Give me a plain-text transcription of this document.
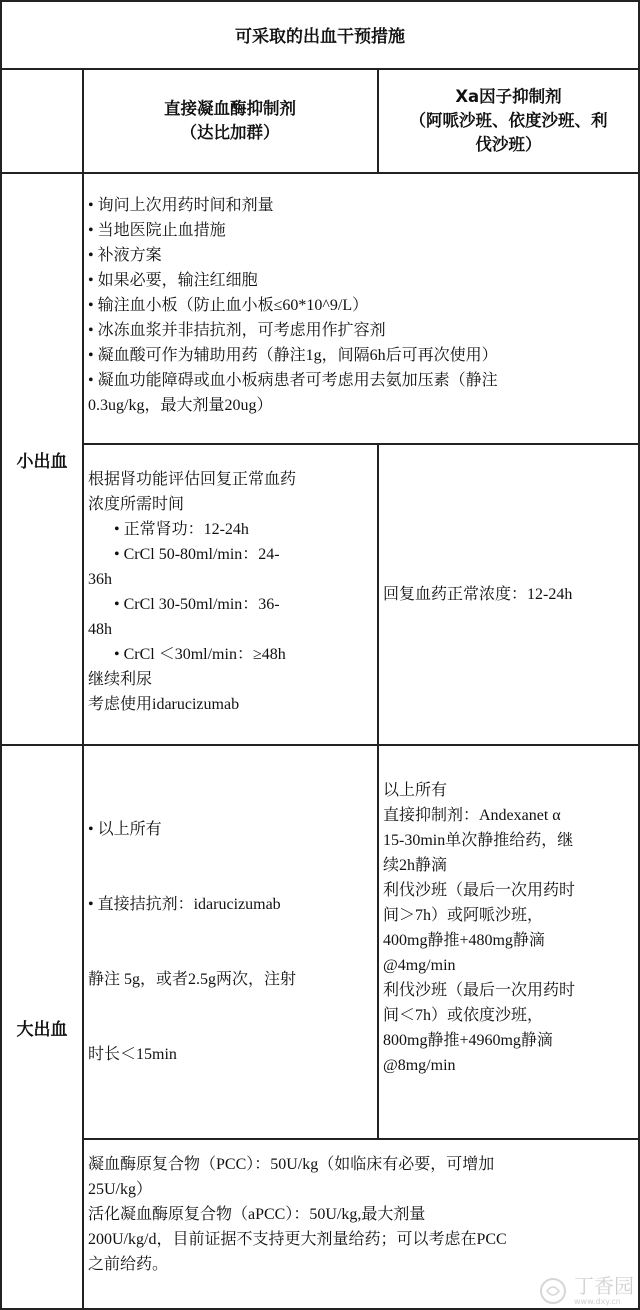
可采取的出血干预措施
直接凝血酶抑制剂
（达比加群）
Xa因子抑制剂
（阿哌沙班、依度沙班、利
伐沙班）
小出血
大出血
• 询问上次用药时间和剂量
• 当地医院止血措施
• 补液方案
• 如果必要，输注红细胞
• 输注血小板（防止血小板≤60*10^9/L）
• 冰冻血浆并非拮抗剂，可考虑用作扩容剂
• 凝血酸可作为辅助用药（静注1g，间隔6h后可再次使用）
• 凝血功能障碍或血小板病患者可考虑用去氨加压素（静注
0.3ug/kg，最大剂量20ug）
根据肾功能评估回复正常血药
浓度所需时间
• 正常肾功：12-24h
• CrCl 50-80ml/min：24-
36h
• CrCl 30-50ml/min：36-
48h
• CrCl ＜30ml/min：≥48h
继续利尿
考虑使用idarucizumab
回复血药正常浓度：12-24h

• 以上所有

• 直接拮抗剂：idarucizumab

静注 5g，或者2.5g两次，注射

时长＜15min

以上所有
直接抑制剂：Andexanet α
15-30min单次静推给药，继
续2h静滴
利伐沙班（最后一次用药时
间＞7h）或阿哌沙班，
400mg静推+480mg静滴
@4mg/min
利伐沙班（最后一次用药时
间＜7h）或依度沙班，
800mg静推+4960mg静滴
@8mg/min
凝血酶原复合物（PCC）：50U/kg（如临床有必要，可增加
25U/kg）
活化凝血酶原复合物（aPCC）：50U/kg,最大剂量
200U/kg/d，目前证据不支持更大剂量给药；可以考虑在PCC
之前给药。
丁香园
www.dxy.cn
